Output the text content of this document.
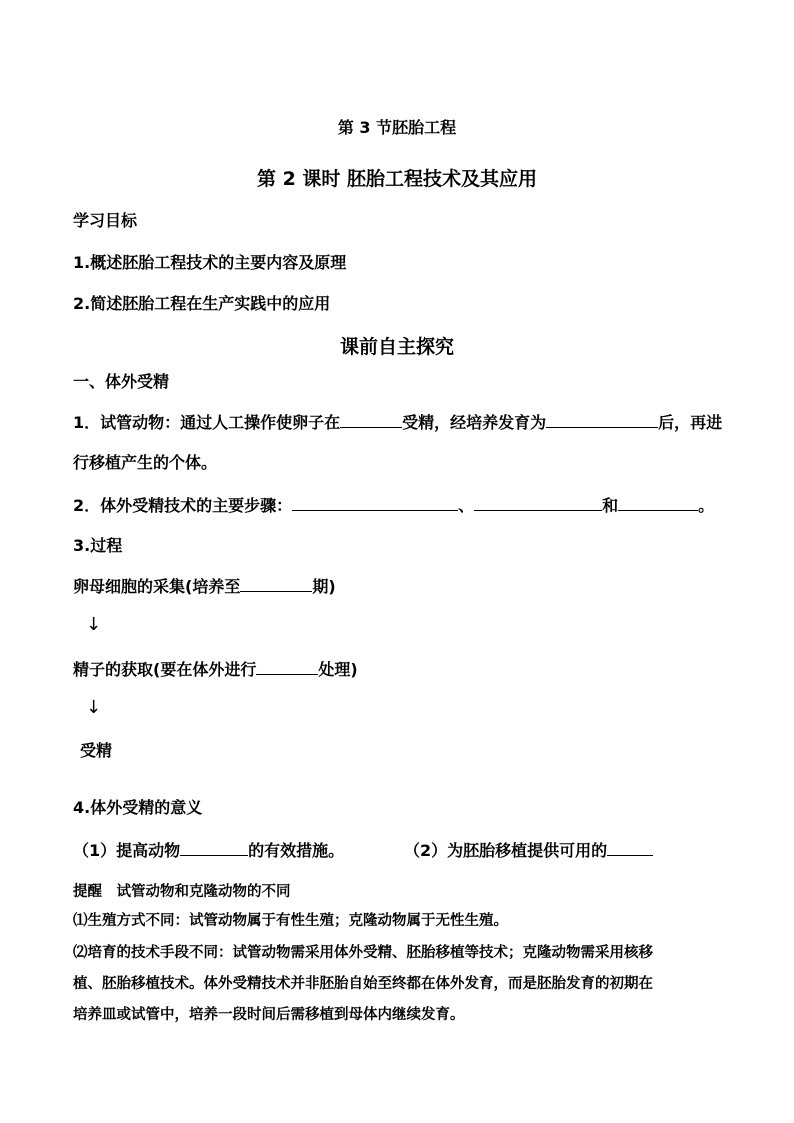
第 3 节胚胎工程
第 2 课时 胚胎工程技术及其应用
学习目标
1.概述胚胎工程技术的主要内容及原理
2.简述胚胎工程在生产实践中的应用
课前自主探究
一、体外受精
1．试管动物：通过人工操作使卵子在	受精，经培养发育为	后，再进
行移植产生的个体。
2．体外受精技术的主要步骤：	、	和	。
3.过程
卵母细胞的采集(培养至	期)
↓
精子的获取(要在体外进行	处理)
↓
受精
4.体外受精的意义
（1）提高动物	的有效措施。	（2）为胚胎移植提供可用的
提醒　试管动物和克隆动物的不同
⑴生殖方式不同：试管动物属于有性生殖；克隆动物属于无性生殖。
⑵培育的技术手段不同：试管动物需采用体外受精、胚胎移植等技术；克隆动物需采用核移
植、胚胎移植技术。体外受精技术并非胚胎自始至终都在体外发育，而是胚胎发育的初期在
培养皿或试管中，培养一段时间后需移植到母体内继续发育。
